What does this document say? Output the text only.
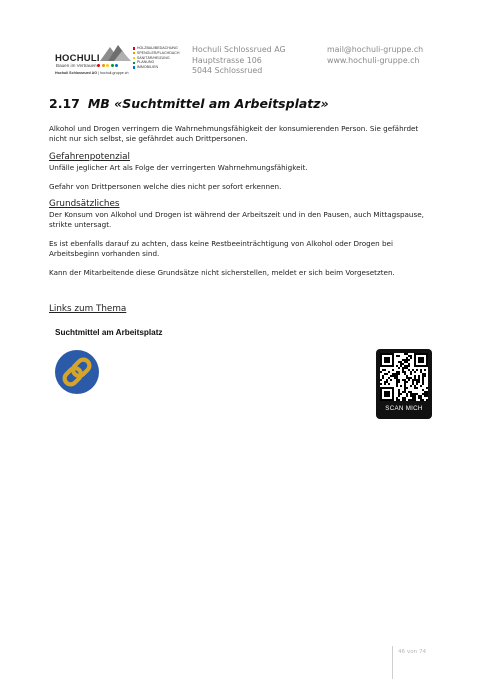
HOCHULI
Bauen im Vertrauen
Hochuli Schlossrued AG | hochuli-gruppe.ch
HOLZBAU/BEDACHUNG
SPENGLER/FLACHDACH
SANITÄR/HEIZUNG
PLANUNG
IMMOBILIEN
Hochuli Schlossrued AG
Hauptstrasse 106
5044 Schlossrued
mail@hochuli-gruppe.ch
www.hochuli-gruppe.ch
2.17 MB «Suchtmittel am Arbeitsplatz»
Alkohol und Drogen verringern die Wahrnehmungsfähigkeit der konsumierenden Person. Sie gefährdet nicht nur sich selbst, sie gefährdet auch Drittpersonen.
Gefahrenpotenzial
Unfälle jeglicher Art als Folge der verringerten Wahrnehmungsfähigkeit.
Gefahr von Drittpersonen welche dies nicht per sofort erkennen.
Grundsätzliches
Der Konsum von Alkohol und Drogen ist während der Arbeitszeit und in den Pausen, auch Mittagspause, strikte untersagt.
Es ist ebenfalls darauf zu achten, dass keine Restbeeinträchtigung von Alkohol oder Drogen bei Arbeitsbeginn vorhanden sind.
Kann der Mitarbeitende diese Grundsätze nicht sicherstellen, meldet er sich beim Vorgesetzten.
Links zum Thema
Suchtmittel am Arbeitsplatz
SCAN MICH
46 von 74
